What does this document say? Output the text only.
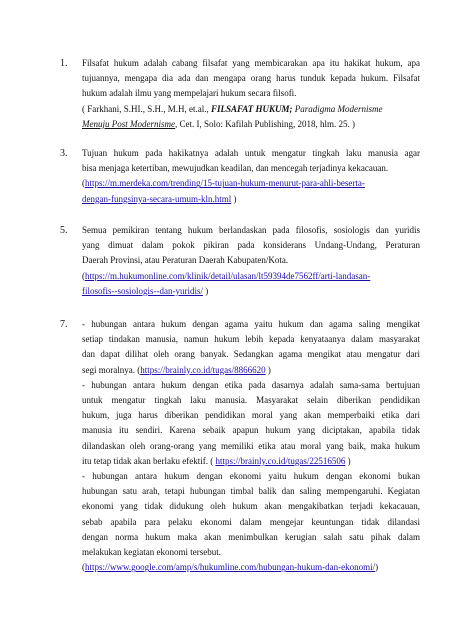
1. Filsafat hukum adalah cabang filsafat yang membicarakan apa itu hakikat hukum, apa
tujuannya, mengapa dia ada dan mengapa orang harus tunduk kepada hukum. Filsafat
hukum adalah ilmu yang mempelajari hukum secara filsofi.
( Farkhani, S.HI., S.H., M.H, et.al., FILSAFAT HUKUM; Paradigma Modernisme
Menuju Post Modernisme, Cet. I, Solo: Kafilah Publishing, 2018, hlm. 25. )
3. Tujuan hukum pada hakikatnya adalah untuk mengatur tingkah laku manusia agar
bisa menjaga ketertiban, mewujudkan keadilan, dan mencegah terjadinya kekacauan.
(https://m.merdeka.com/trending/15-tujuan-hukum-menurut-para-ahli-beserta-
dengan-fungsinya-secara-umum-kln.html )
5. Semua pemikiran tentang hukum berlandaskan pada filosofis, sosiologis dan yuridis
yang dimuat dalam pokok pikiran pada konsiderans Undang-Undang, Peraturan
Daerah Provinsi, atau Peraturan Daerah Kabupaten/Kota.
(https://m.hukumonline.com/klinik/detail/ulasan/lt59394de7562ff/arti-landasan-
filosofis--sosiologis--dan-yuridis/ )
7. - hubungan antara hukum dengan agama yaitu hukum dan agama saling mengikat
setiap tindakan manusia, namun hukum lebih kepada kenyataanya dalam masyarakat
dan dapat dilihat oleh orang banyak. Sedangkan agama mengikat atau mengatur dari
segi moralnya. (https://brainly.co.id/tugas/8866620 )
- hubungan antara hukum dengan etika pada dasarnya adalah sama-sama bertujuan
untuk mengatur tingkah laku manusia. Masyarakat selain diberikan pendidikan
hukum, juga harus diberikan pendidikan moral yang akan memperbaiki etika dari
manusia itu sendiri. Karena sebaik apapun hukum yang diciptakan, apabila tidak
dilandaskan oleh orang-orang yang memiliki etika atau moral yang baik, maka hukum
itu tetap tidak akan berlaku efektif. ( https://brainly.co.id/tugas/22516506 )
- hubungan antara hukum dengan ekonomi yaitu hukum dengan ekonomi bukan
hubungan satu arah, tetapi hubungan timbal balik dan saling mempengaruhi. Kegiatan
ekonomi yang tidak didukung oleh hukum akan mengakibatkan terjadi kekacauan,
sebab apabila para pelaku ekonomi dalam mengejar keuntungan tidak dilandasi
dengan norma hukum maka akan menimbulkan kerugian salah satu pihak dalam
melakukan kegiatan ekonomi tersebut.
(https://www.google.com/amp/s/hukumline.com/hubungan-hukum-dan-ekonomi/)
